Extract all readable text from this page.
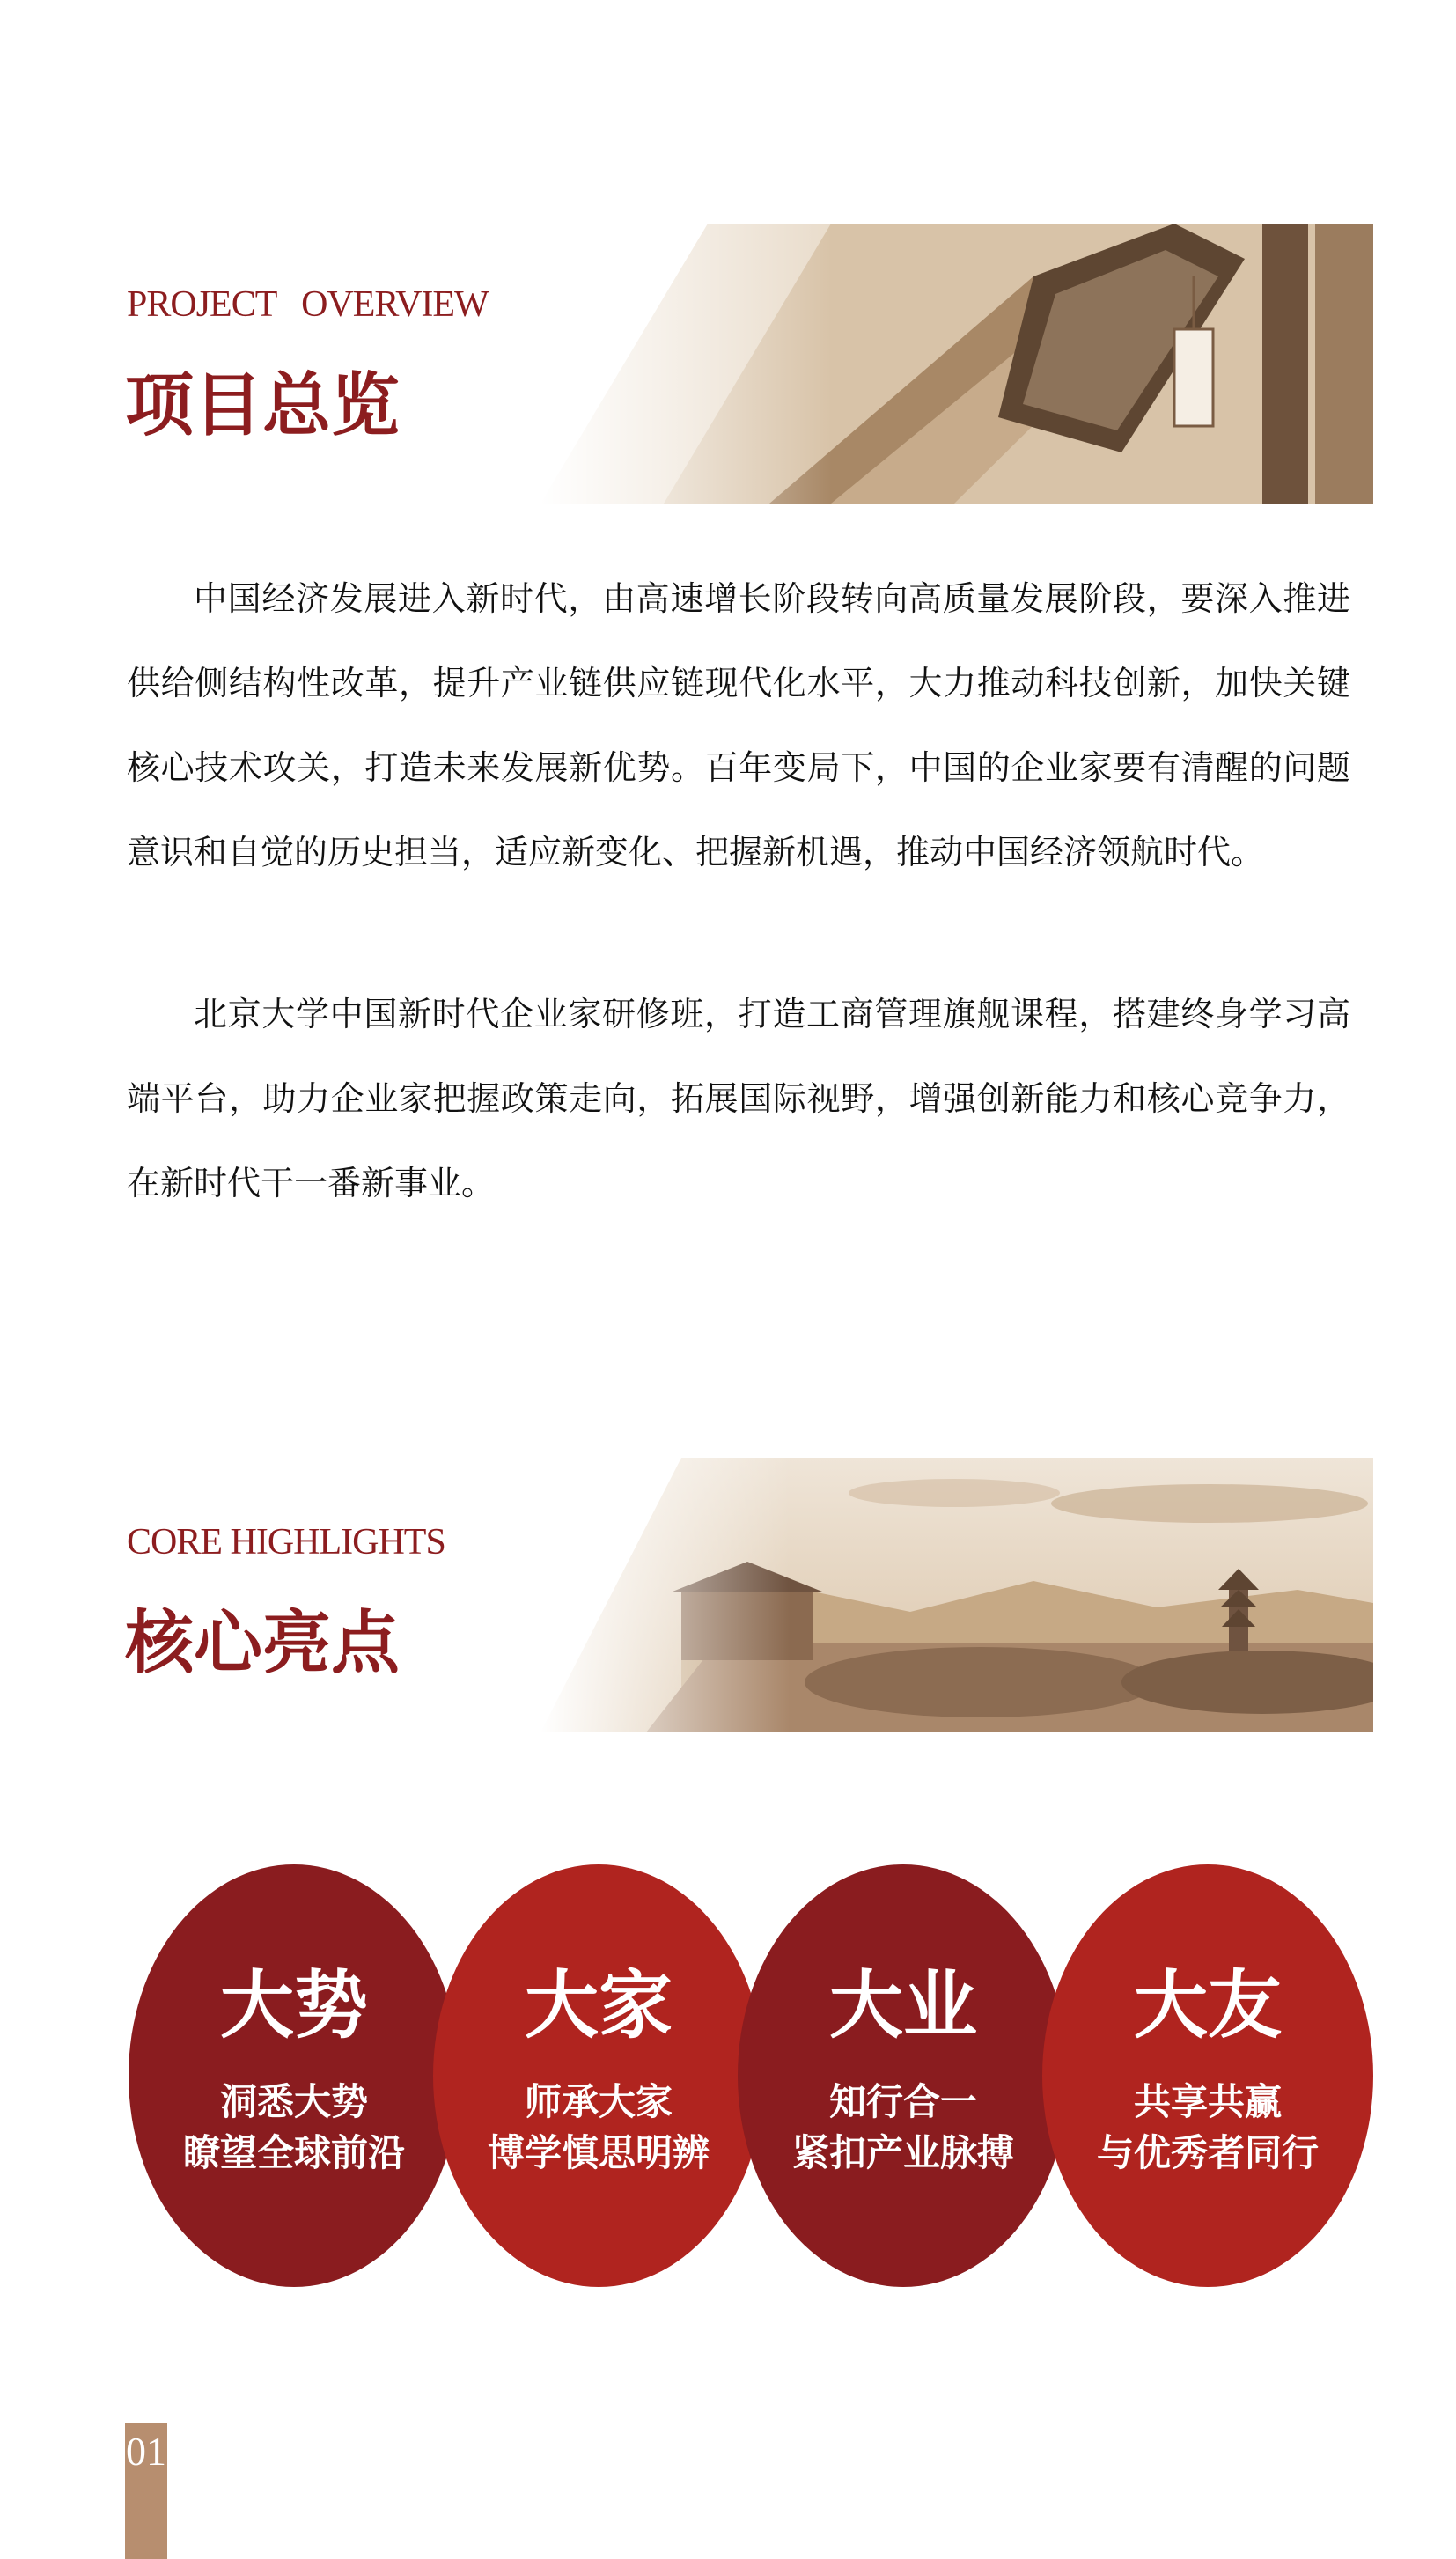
PROJECT   OVERVIEW
项目总览

中国经济发展进入新时代，由高速增长阶段转向高质量发展阶段，要深入推进供给侧结构性改革，提升产业链供应链现代化水平，大力推动科技创新，加快关键核心技术攻关，打造未来发展新优势。百年变局下，中国的企业家要有清醒的问题意识和自觉的历史担当，适应新变化、把握新机遇，推动中国经济领航时代。

北京大学中国新时代企业家研修班，打造工商管理旗舰课程，搭建终身学习高端平台，助力企业家把握政策走向，拓展国际视野，增强创新能力和核心竞争力，在新时代干一番新事业。

CORE HIGHLIGHTS
核心亮点
大势
洞悉大势
瞭望全球前沿
大家
师承大家
博学慎思明辨
大业
知行合一
紧扣产业脉搏
大友
共享共赢
与优秀者同行
01
